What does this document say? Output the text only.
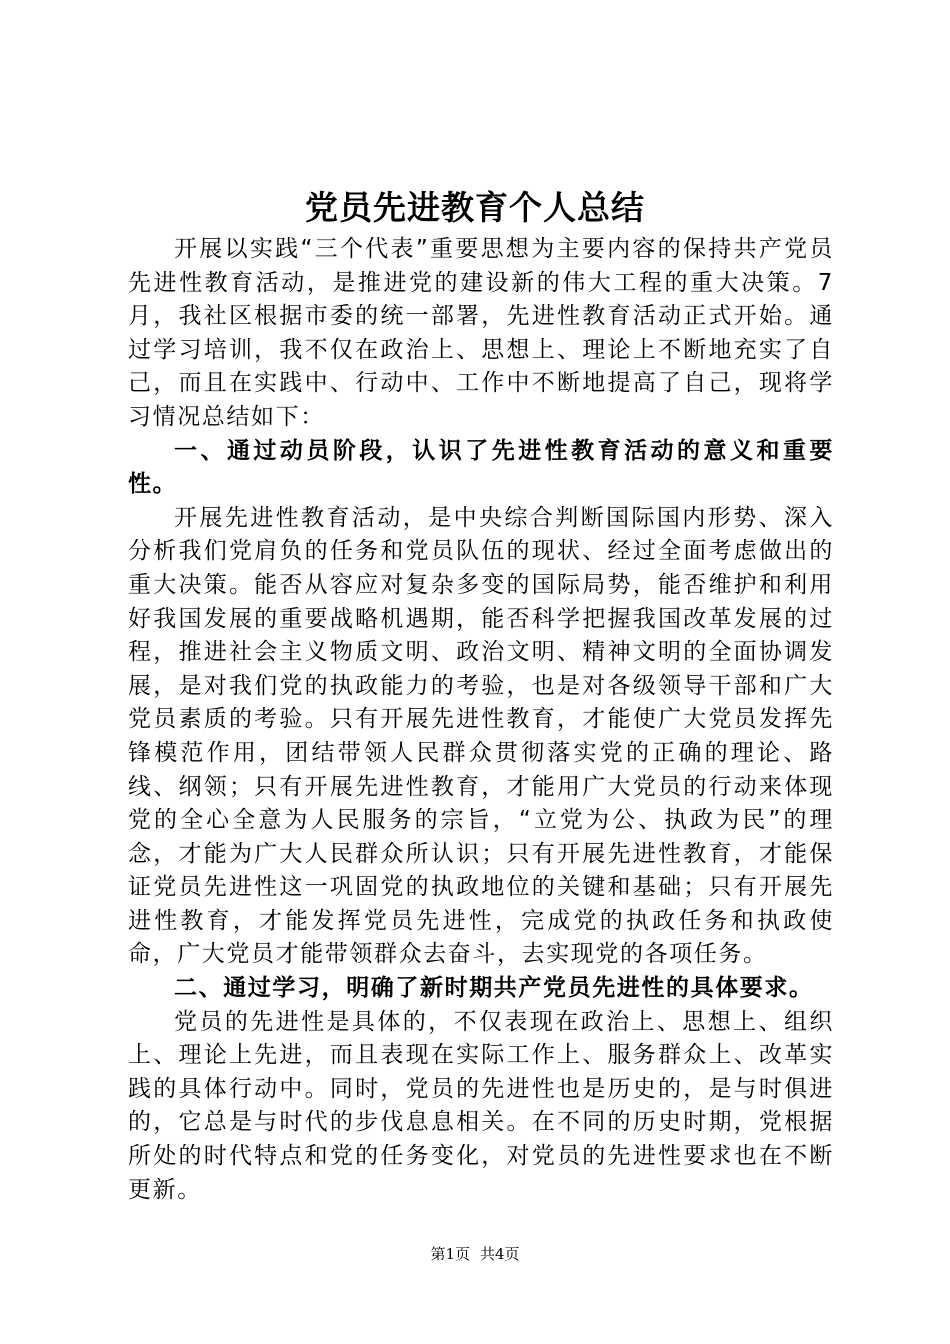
党员先进教育个人总结

开展以实践“三个代表”重要思想为主要内容的保持共产党员先进性教育活动，是推进党的建设新的伟大工程的重大决策。7月，我社区根据市委的统一部署，先进性教育活动正式开始。通过学习培训，我不仅在政治上、思想上、理论上不断地充实了自己，而且在实践中、行动中、工作中不断地提高了自己，现将学习情况总结如下：

一、通过动员阶段，认识了先进性教育活动的意义和重要性。

开展先进性教育活动，是中央综合判断国际国内形势、深入分析我们党肩负的任务和党员队伍的现状、经过全面考虑做出的重大决策。能否从容应对复杂多变的国际局势，能否维护和利用好我国发展的重要战略机遇期，能否科学把握我国改革发展的过程，推进社会主义物质文明、政治文明、精神文明的全面协调发展，是对我们党的执政能力的考验，也是对各级领导干部和广大党员素质的考验。只有开展先进性教育，才能使广大党员发挥先锋模范作用，团结带领人民群众贯彻落实党的正确的理论、路线、纲领；只有开展先进性教育，才能用广大党员的行动来体现党的全心全意为人民服务的宗旨，“立党为公、执政为民”的理念，才能为广大人民群众所认识；只有开展先进性教育，才能保证党员先进性这一巩固党的执政地位的关键和基础；只有开展先进性教育，才能发挥党员先进性，完成党的执政任务和执政使命，广大党员才能带领群众去奋斗，去实现党的各项任务。

二、通过学习，明确了新时期共产党员先进性的具体要求。

党员的先进性是具体的，不仅表现在政治上、思想上、组织上、理论上先进，而且表现在实际工作上、服务群众上、改革实践的具体行动中。同时，党员的先进性也是历史的，是与时俱进的，它总是与时代的步伐息息相关。在不同的历史时期，党根据所处的时代特点和党的任务变化，对党员的先进性要求也在不断更新。

第1页 共4页
